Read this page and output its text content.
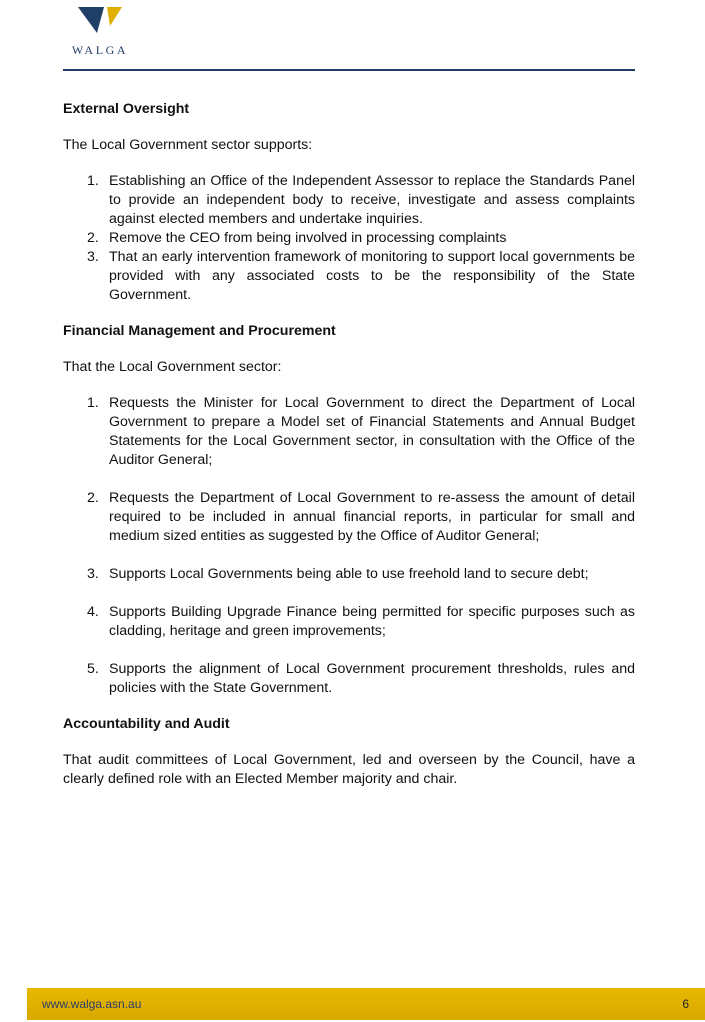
WALGA
External Oversight

The Local Government sector supports:

1. Establishing an Office of the Independent Assessor to replace the Standards Panel to provide an independent body to receive, investigate and assess complaints against elected members and undertake inquiries.
2. Remove the CEO from being involved in processing complaints
3. That an early intervention framework of monitoring to support local governments be provided with any associated costs to be the responsibility of the State Government.
Financial Management and Procurement

That the Local Government sector:

1. Requests the Minister for Local Government to direct the Department of Local Government to prepare a Model set of Financial Statements and Annual Budget Statements for the Local Government sector, in consultation with the Office of the Auditor General;
2. Requests the Department of Local Government to re-assess the amount of detail required to be included in annual financial reports, in particular for small and medium sized entities as suggested by the Office of Auditor General;
3. Supports Local Governments being able to use freehold land to secure debt;
4. Supports Building Upgrade Finance being permitted for specific purposes such as cladding, heritage and green improvements;
5. Supports the alignment of Local Government procurement thresholds, rules and policies with the State Government.
Accountability and Audit

That audit committees of Local Government, led and overseen by the Council, have a clearly defined role with an Elected Member majority and chair.

www.walga.asn.au	6
